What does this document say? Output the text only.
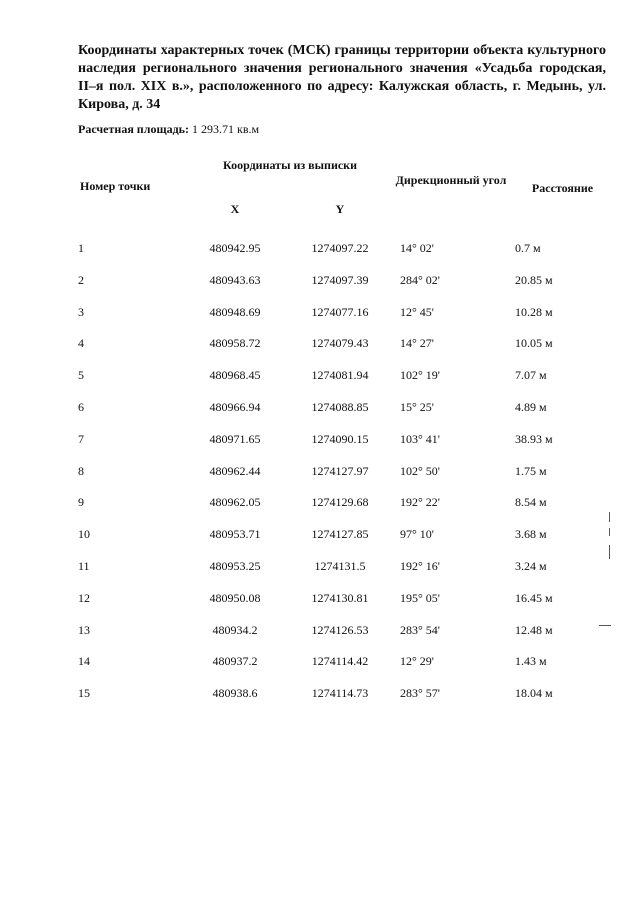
Координаты характерных точек (МСК) границы территории объекта культурного наследия регионального значения регионального значения «Усадьба городская, II–я пол. XIX в.», расположенного по адресу: Калужская область, г. Медынь, ул. Кирова, д. 34
Расчетная площадь: 1 293.71 кв.м
Номер точки
Координаты из выписки
X	Y
Дирекционный угол
Расстояние
1	480942.95	1274097.22	14° 02'	0.7 м
2	480943.63	1274097.39	284° 02'	20.85 м
3	480948.69	1274077.16	12° 45'	10.28 м
4	480958.72	1274079.43	14° 27'	10.05 м
5	480968.45	1274081.94	102° 19'	7.07 м
6	480966.94	1274088.85	15° 25'	4.89 м
7	480971.65	1274090.15	103° 41'	38.93 м
8	480962.44	1274127.97	102° 50'	1.75 м
9	480962.05	1274129.68	192° 22'	8.54 м
10	480953.71	1274127.85	97° 10'	3.68 м
11	480953.25	1274131.5	192° 16'	3.24 м
12	480950.08	1274130.81	195° 05'	16.45 м
13	480934.2	1274126.53	283° 54'	12.48 м
14	480937.2	1274114.42	12° 29'	1.43 м
15	480938.6	1274114.73	283° 57'	18.04 м
